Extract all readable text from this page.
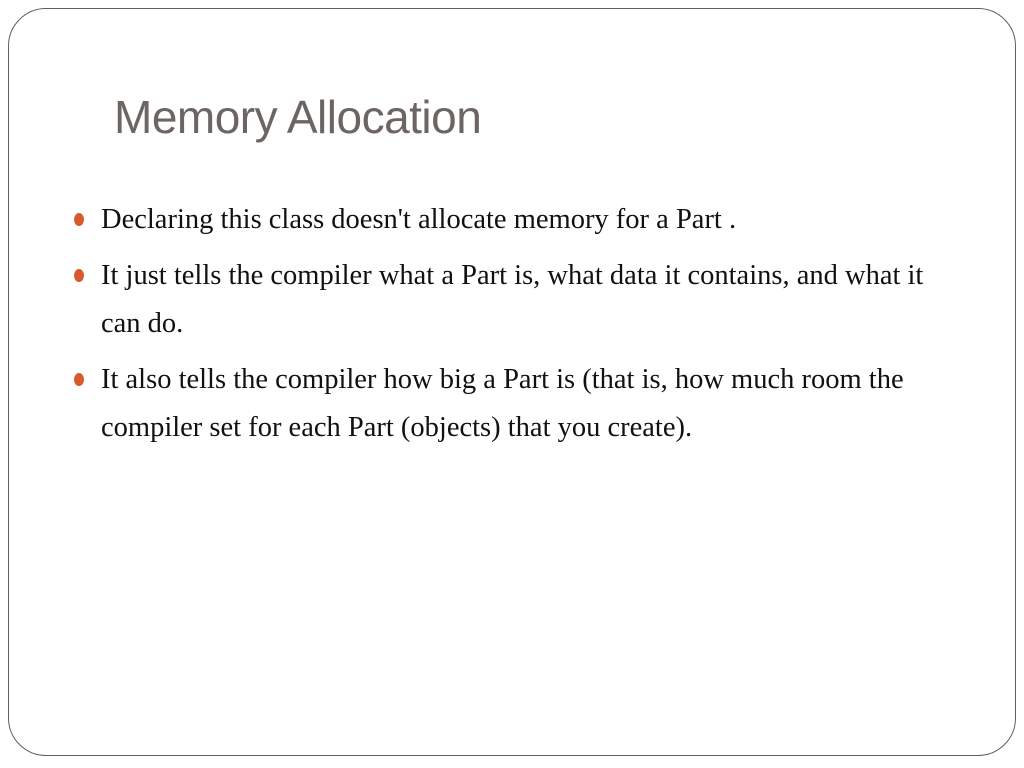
Memory Allocation
Declaring this class doesn't allocate memory for a Part .
It just tells the compiler what a Part is, what data it contains, and what it can do.
It also tells the compiler how big a Part is (that is, how much room the compiler set for each Part (objects) that you create).
